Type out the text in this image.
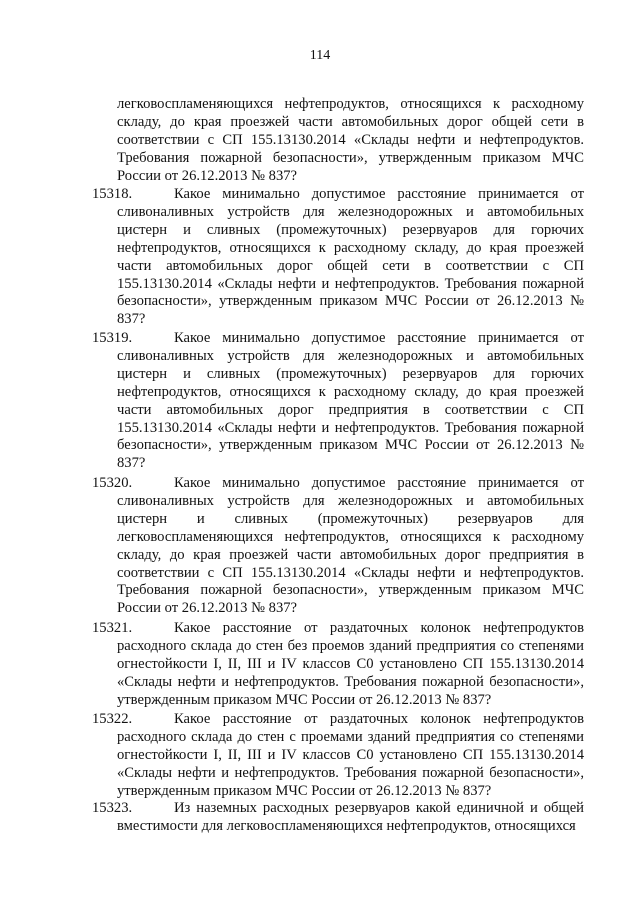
114

легковоспламеняющихся нефтепродуктов, относящихся к расходному складу, до края проезжей части автомобильных дорог общей сети в соответствии с СП 155.13130.2014 «Склады нефти и нефтепродуктов. Требования пожарной безопасности», утвержденным приказом МЧС России от 26.12.2013 № 837?

15318.	Какое минимально допустимое расстояние принимается от сливоналивных устройств для железнодорожных и автомобильных цистерн и сливных (промежуточных) резервуаров для горючих нефтепродуктов, относящихся к расходному складу, до края проезжей части автомобильных дорог общей сети в соответствии с СП 155.13130.2014 «Склады нефти и нефтепродуктов. Требования пожарной безопасности», утвержденным приказом МЧС России от 26.12.2013 № 837?

15319.	Какое минимально допустимое расстояние принимается от сливоналивных устройств для железнодорожных и автомобильных цистерн и сливных (промежуточных) резервуаров для горючих нефтепродуктов, относящихся к расходному складу, до края проезжей части автомобильных дорог предприятия в соответствии с СП 155.13130.2014 «Склады нефти и нефтепродуктов. Требования пожарной безопасности», утвержденным приказом МЧС России от 26.12.2013 № 837?

15320.	Какое минимально допустимое расстояние принимается от сливоналивных устройств для железнодорожных и автомобильных цистерн и сливных (промежуточных) резервуаров для легковоспламеняющихся нефтепродуктов, относящихся к расходному складу, до края проезжей части автомобильных дорог предприятия в соответствии с СП 155.13130.2014 «Склады нефти и нефтепродуктов. Требования пожарной безопасности», утвержденным приказом МЧС России от 26.12.2013 № 837?

15321.	Какое расстояние от раздаточных колонок нефтепродуктов расходного склада до стен без проемов зданий предприятия со степенями огнестойкости I, II, III и IV классов С0 установлено СП 155.13130.2014 «Склады нефти и нефтепродуктов. Требования пожарной безопасности», утвержденным приказом МЧС России от 26.12.2013 № 837?

15322.	Какое расстояние от раздаточных колонок нефтепродуктов расходного склада до стен с проемами зданий предприятия со степенями огнестойкости I, II, III и IV классов С0 установлено СП 155.13130.2014 «Склады нефти и нефтепродуктов. Требования пожарной безопасности», утвержденным приказом МЧС России от 26.12.2013 № 837?

15323.	Из наземных расходных резервуаров какой единичной и общей вместимости для легковоспламеняющихся нефтепродуктов, относящихся
